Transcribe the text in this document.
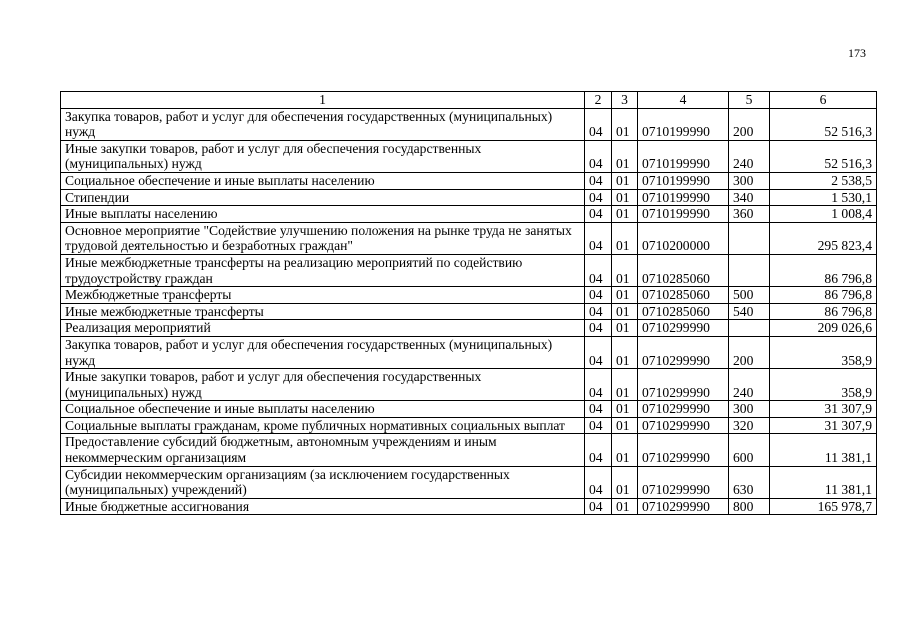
173
1	2	3	4	5	6
Закупка товаров, работ и услуг для обеспечения государственных (муниципальных) нужд	04	01	0710199990	200	52 516,3
Иные закупки товаров, работ и услуг для обеспечения государственных (муниципальных) нужд	04	01	0710199990	240	52 516,3
Социальное обеспечение и иные выплаты населению	04	01	0710199990	300	2 538,5
Стипендии	04	01	0710199990	340	1 530,1
Иные выплаты населению	04	01	0710199990	360	1 008,4
Основное мероприятие "Содействие улучшению положения на рынке труда не занятых трудовой деятельностью и безработных граждан"	04	01	0710200000		295 823,4
Иные межбюджетные трансферты на реализацию мероприятий по содействию трудоустройству граждан	04	01	0710285060		86 796,8
Межбюджетные трансферты	04	01	0710285060	500	86 796,8
Иные межбюджетные трансферты	04	01	0710285060	540	86 796,8
Реализация мероприятий	04	01	0710299990		209 026,6
Закупка товаров, работ и услуг для обеспечения государственных (муниципальных) нужд	04	01	0710299990	200	358,9
Иные закупки товаров, работ и услуг для обеспечения государственных (муниципальных) нужд	04	01	0710299990	240	358,9
Социальное обеспечение и иные выплаты населению	04	01	0710299990	300	31 307,9
Социальные выплаты гражданам, кроме публичных нормативных социальных выплат	04	01	0710299990	320	31 307,9
Предоставление субсидий бюджетным, автономным учреждениям и иным некоммерческим организациям	04	01	0710299990	600	11 381,1
Субсидии некоммерческим организациям (за исключением государственных (муниципальных) учреждений)	04	01	0710299990	630	11 381,1
Иные бюджетные ассигнования	04	01	0710299990	800	165 978,7
